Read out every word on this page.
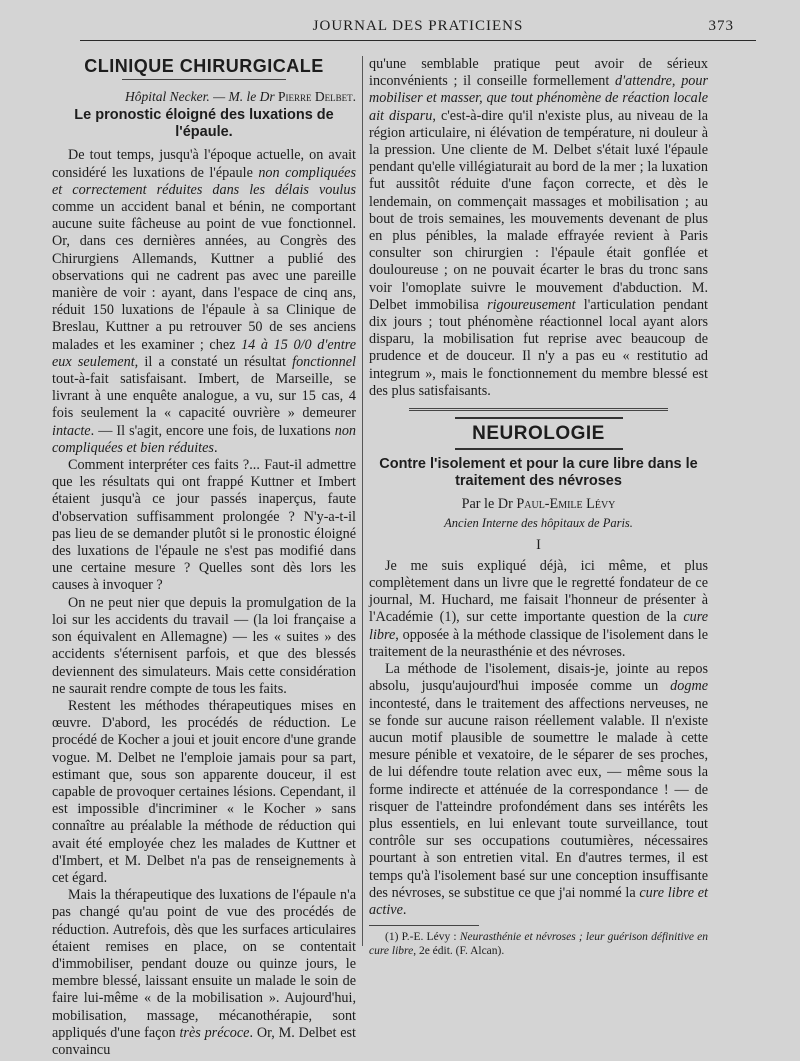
JOURNAL DES PRATICIENS	373
CLINIQUE CHIRURGICALE
Hôpital Necker. — M. le Dr Pierre Delbet.
Le pronostic éloigné des luxations de l'épaule.

De tout temps, jusqu'à l'époque actuelle, on avait considéré les luxations de l'épaule non compliquées et correctement réduites dans les délais voulus comme un accident banal et bénin, ne comportant aucune suite fâcheuse au point de vue fonctionnel. Or, dans ces dernières années, au Congrès des Chirurgiens Allemands, Kuttner a publié des observations qui ne cadrent pas avec une pareille manière de voir : ayant, dans l'espace de cinq ans, réduit 150 luxations de l'épaule à sa Clinique de Breslau, Kuttner a pu retrouver 50 de ses anciens malades et les examiner ; chez 14 à 15 0/0 d'entre eux seulement, il a constaté un résultat fonctionnel tout-à-fait satisfaisant. Imbert, de Marseille, se livrant à une enquête analogue, a vu, sur 15 cas, 4 fois seulement la « capacité ouvrière » demeurer intacte. — Il s'agit, encore une fois, de luxations non compliquées et bien réduites.

Comment interpréter ces faits ?... Faut-il admettre que les résultats qui ont frappé Kuttner et Imbert étaient jusqu'à ce jour passés inaperçus, faute d'observation suffisamment prolongée ? N'y-a-t-il pas lieu de se demander plutôt si le pronostic éloigné des luxations de l'épaule ne s'est pas modifié dans une certaine mesure ? Quelles sont dès lors les causes à invoquer ?

On ne peut nier que depuis la promulgation de la loi sur les accidents du travail — (la loi française a son équivalent en Allemagne) — les « suites » des accidents s'éternisent parfois, et que des blessés deviennent des simulateurs. Mais cette considération ne saurait rendre compte de tous les faits.

Restent les méthodes thérapeutiques mises en œuvre. D'abord, les procédés de réduction. Le procédé de Kocher a joui et jouit encore d'une grande vogue. M. Delbet ne l'emploie jamais pour sa part, estimant que, sous son apparente douceur, il est capable de provoquer certaines lésions. Cependant, il est impossible d'incriminer « le Kocher » sans connaître au préalable la méthode de réduction qui avait été employée chez les malades de Kuttner et d'Imbert, et M. Delbet n'a pas de renseignements à cet égard.

Mais la thérapeutique des luxations de l'épaule n'a pas changé qu'au point de vue des procédés de réduction. Autrefois, dès que les surfaces articulaires étaient remises en place, on se contentait d'immobiliser, pendant douze ou quinze jours, le membre blessé, laissant ensuite un malade le soin de faire lui-même « de la mobilisation ». Aujourd'hui, mobilisation, massage, mécanothérapie, sont appliqués d'une façon très précoce. Or, M. Delbet est convaincu

qu'une semblable pratique peut avoir de sérieux inconvénients ; il conseille formellement d'attendre, pour mobiliser et masser, que tout phénomène de réaction locale ait disparu, c'est-à-dire qu'il n'existe plus, au niveau de la région articulaire, ni élévation de température, ni douleur à la pression. Une cliente de M. Delbet s'était luxé l'épaule pendant qu'elle villégiaturait au bord de la mer ; la luxation fut aussitôt réduite d'une façon correcte, et dès le lendemain, on commençait massages et mobilisation ; au bout de trois semaines, les mouvements devenant de plus en plus pénibles, la malade effrayée revient à Paris consulter son chirurgien : l'épaule était gonflée et douloureuse ; on ne pouvait écarter le bras du tronc sans voir l'omoplate suivre le mouvement d'abduction. M. Delbet immobilisa rigoureusement l'articulation pendant dix jours ; tout phénomène réactionnel local ayant alors disparu, la mobilisation fut reprise avec beaucoup de prudence et de douceur. Il n'y a pas eu « restitutio ad integrum », mais le fonctionnement du membre blessé est des plus satisfaisants.

NEUROLOGIE
Contre l'isolement et pour la cure libre dans le traitement des névroses
Par le Dr Paul-Emile Lévy
Ancien Interne des hôpitaux de Paris.
I

Je me suis expliqué déjà, ici même, et plus complètement dans un livre que le regretté fondateur de ce journal, M. Huchard, me faisait l'honneur de présenter à l'Académie (1), sur cette importante question de la cure libre, opposée à la méthode classique de l'isolement dans le traitement de la neurasthénie et des névroses.

La méthode de l'isolement, disais-je, jointe au repos absolu, jusqu'aujourd'hui imposée comme un dogme incontesté, dans le traitement des affections nerveuses, ne se fonde sur aucune raison réellement valable. Il n'existe aucun motif plausible de soumettre le malade à cette mesure pénible et vexatoire, de le séparer de ses proches, de lui défendre toute relation avec eux, — même sous la forme indirecte et atténuée de la correspondance ! — de risquer de l'atteindre profondément dans ses intérêts les plus essentiels, en lui enlevant toute surveillance, tout contrôle sur ses occupations coutumières, nécessaires pourtant à son entretien vital. En d'autres termes, il est temps qu'à l'isolement basé sur une conception insuffisante des névroses, se substitue ce que j'ai nommé la cure libre et active.

(1) P.-E. Lévy : Neurasthénie et névroses ; leur guérison définitive en cure libre, 2e édit. (F. Alcan).
